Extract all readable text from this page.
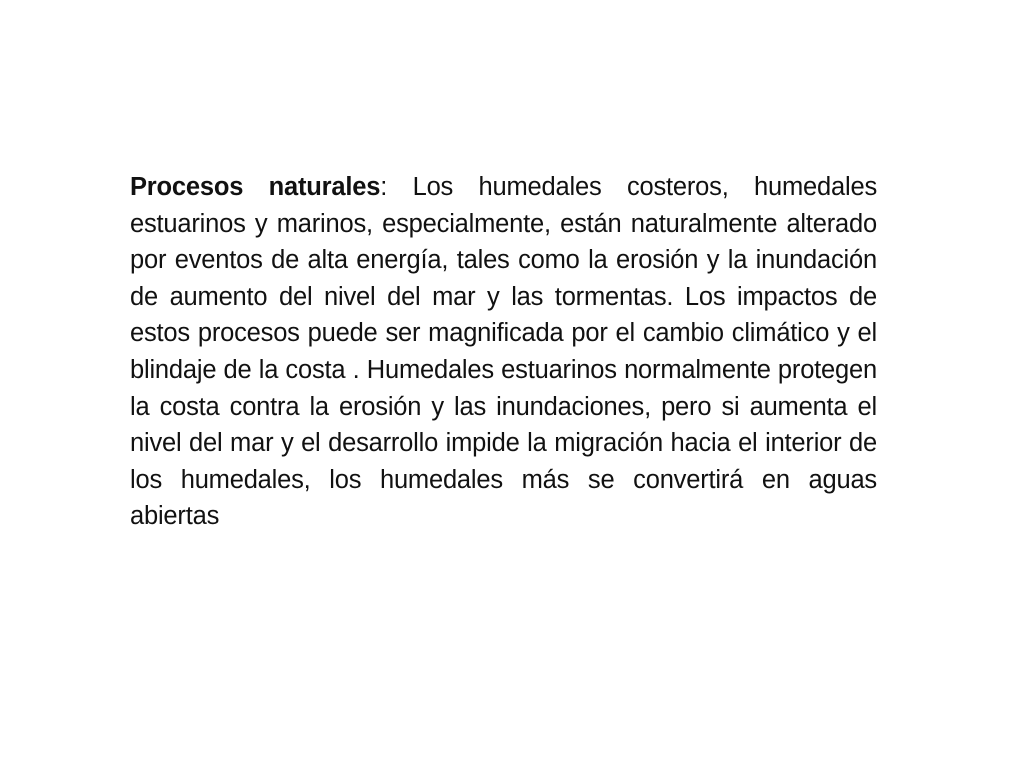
Procesos naturales: Los humedales costeros, humedales estuarinos y marinos, especialmente, están naturalmente alterado por eventos de alta energía, tales como la erosión y la inundación de aumento del nivel del mar y las tormentas. Los impactos de estos procesos puede ser magnificada por el cambio climático y el blindaje de la costa . Humedales estuarinos normalmente protegen la costa contra la erosión y las inundaciones, pero si aumenta el nivel del mar y el desarrollo impide la migración hacia el interior de los humedales, los humedales más se convertirá en aguas abiertas
